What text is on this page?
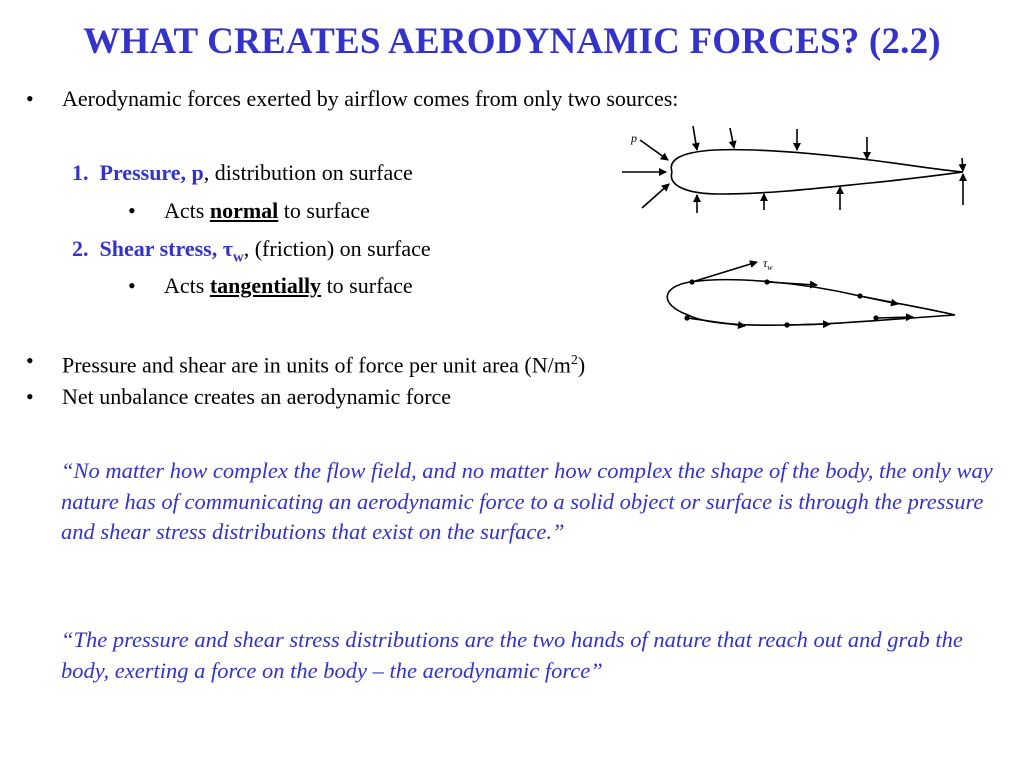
WHAT CREATES AERODYNAMIC FORCES? (2.2)
• Aerodynamic forces exerted by airflow comes from only two sources:
1. Pressure, p, distribution on surface
• Acts normal to surface
2. Shear stress, $\tau_w$, (friction) on surface
• Acts tangentially to surface
• Pressure and shear are in units of force per unit area $(N/m^2)$
• Net unbalance creates an aerodynamic force
“No matter how complex the flow field, and no matter how complex the shape of the body, the only way nature has of communicating an aerodynamic force to a solid object or surface is through the pressure and shear stress distributions that exist on the surface.”
“The pressure and shear stress distributions are the two hands of nature that reach out and grab the body, exerting a force on the body – the aerodynamic force”
p
$\tau_w$
